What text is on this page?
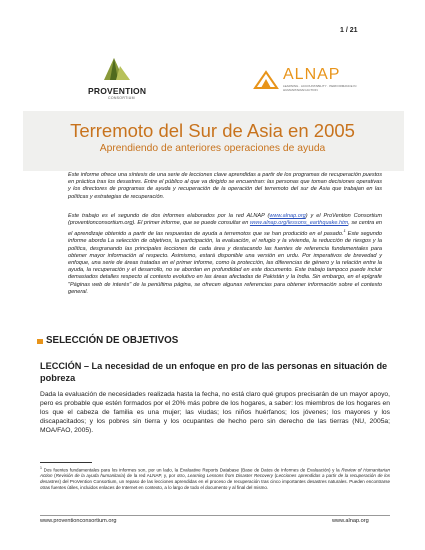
1 / 21
PROVENTION
CONSORTIUM
ALNAP
LEARNING · ACCOUNTABILITY · PERFORMANCE IN HUMANITARIAN ACTION
Terremoto del Sur de Asia en 2005
Aprendiendo de anteriores operaciones de ayuda
Este informe ofrece una síntesis de una serie de lecciones clave aprendidas a partir de los programas de recuperación puestos en práctica tras los desastres. Entre el público al que va dirigido se encuentran: las personas que toman decisiones operativas y los directores de programas de ayuda y recuperación de la operación del terremoto del sur de Asia que trabajan en las políticas y estrategias de recuperación.
Este trabajo es el segundo de dos informes elaborados por la red ALNAP (www.alnap.org) y el ProVention Consortium (proventionconsortium.org). El primer informe, que se puede consultar en www.alnap.org/lessons_earthquake.htm, se centra en el aprendizaje obtenido a partir de las respuestas de ayuda a terremotos que se han producido en el pasado.$^1$ Este segundo informe aborda La selección de objetivos, la participación, la evaluación, el refugio y la vivienda, la reducción de riesgos y la política, desgranando las principales lecciones de cada área y destacando las fuentes de referencia fundamentales para obtener mayor información al respecto. Asimismo, estará disponible una versión en urdu. Por imperativos de brevedad y enfoque, una serie de áreas tratadas en el primer informe, como la protección, las diferencias de género y la relación entre la ayuda, la recuperación y el desarrollo, no se abordan en profundidad en este documento. Este trabajo tampoco puede incluir demasiados detalles respecto al contexto evolutivo en las áreas afectadas de Pakistán y la India. Sin embargo, en el epígrafe "Páginas web de interés" de la penúltima página, se ofrecen algunas referencias para obtener información sobre el contexto general.
SELECCIÓN DE OBJETIVOS
LECCIÓN – La necesidad de un enfoque en pro de las personas en situación de pobreza
Dada la evaluación de necesidades realizada hasta la fecha, no está claro qué grupos precisarán de un mayor apoyo, pero es probable que estén formados por el 20% más pobre de los hogares, a saber: los miembros de los hogares en los que el cabeza de familia es una mujer; las viudas; los niños huérfanos; los jóvenes; los mayores y los discapacitados; y los pobres sin tierra y los ocupantes de hecho pero sin derecho de las tierras (NU, 2005a; MOA/FAO, 2005).
$^1$ Dos fuentes fundamentales para los informes son, por un lado, la Evaluative Reports Database (Base de Datos de Informes de Evaluación) y la Review of Humanitarian Action (Revisión de la ayuda humanitaria) de la red ALNAP, y, por otro, Learning Lessons from Disaster Recovery (Lecciones aprendidas a partir de la recuperación de los desastres) del ProVention Consortium, un repaso de las lecciones aprendidas en el proceso de recuperación tras cinco importantes desastres naturales. Pueden encontrarse otras fuentes útiles, incluidos enlaces de Internet en contexto, a lo largo de todo el documento y al final del mismo.
www.proventionconsortium.org	www.alnap.org
